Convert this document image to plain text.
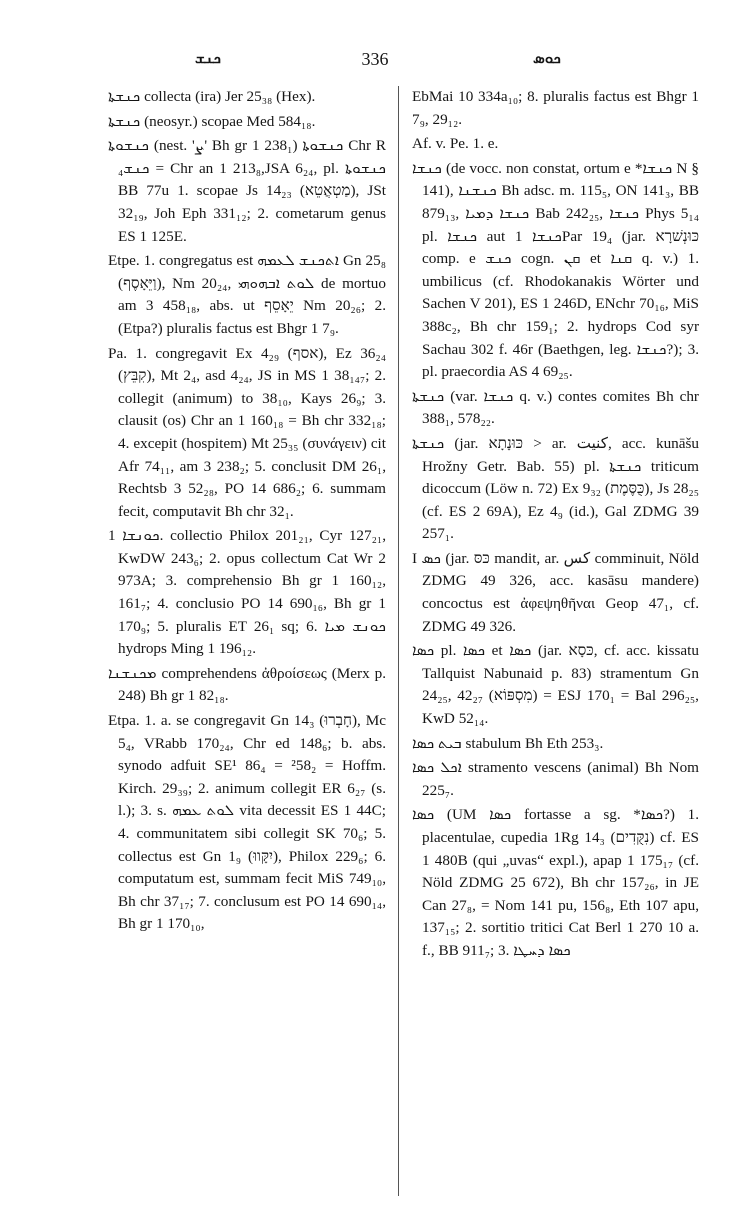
ܟܢܫ	336	ܟܘܣ

ܟܢܫܬܐ collecta (ira) Jer 25₃₈ (Hex).

ܟܢܫܬܐ (neosyr.) scopae Med 584₁₈.

ܟܢܫܘܬܐ (nest. 'ܨ' Bh gr 1 238₁) ܟܢܫܘܬܐ Chr R ܟܢܫ₄ = Chr an 1 213₈,JSA 6₂₄, pl. ܟܢܫܘܬܐ BB 77u 1. scopae Js 14₂₃ (מַטְאֲטֵא), JSt 32₁₉, Joh Eph 331₁₂; 2. cometarum genus ES 1 125E.

Etpe. 1. congregatus est ܐܬܟܢܫ ܠܥܡܗ Gn 25₈ (וַיֵּאָסֶף), Nm 20₂₄, ܠܘܬ ܐܒܗܘܗܝ de mortuo am 3 458₁₈, abs. ut יֵאָסֵף Nm 20₂₆; 2. (Etpa?) pluralis factus est Bhgr 1 7₉.

Pa. 1. congregavit Ex 4₂₉ (אסף), Ez 36₂₄ (קִבֵּץ), Mt 2₄, asd 4₂₄, JS in MS 1 38₁₄₇; 2. collegit (animum) to 38₁₀, Kays 26₉; 3. clausit (os) Chr an 1 160₁₈ = Bh chr 332₁₈; 4. excepit (hospitem) Mt 25₃₅ (συνάγειν) cit Afr 74₁₁, am 3 238₂; 5. conclusit DM 26₁, Rechtsb 3 52₂₈, PO 14 686₂; 6. summam fecit, computavit Bh chr 32₁.

ܟܘܢܫܐ 1. collectio Philox 201₂₁, Cyr 127₂₁, KwDW 243₆; 2. opus collectum Cat Wr 2 973A; 3. comprehensio Bh gr 1 160₁₂, 161₇; 4. conclusio PO 14 690₁₆, Bh gr 1 170₉; 5. pluralis ET 26₁ sq; 6. ܟܘܢܫ ܡܝܐ hydrops Ming 1 196₁₂.

ܡܟܢܫܢܐ comprehendens ἀθροίσεως (Merx p. 248) Bh gr 1 82₁₈.

Etpa. 1. a. se congregavit Gn 14₃ (חָבְרוּ), Mc 5₄, VRabb 170₂₄, Chr ed 148₆; b. abs. synodo adfuit SE¹ 86₄ = ²58₂ = Hoffm. Kirch. 29₃₉; 2. animum collegit ER 6₂₇ (s. l.); 3. s. ܠܘܬ ܥܡܗ vita decessit ES 1 44C; 4. communitatem sibi collegit SK 70₆; 5. collectus est Gn 1₉ (יִקָּווּ), Philox 229₆; 6. computatum est, summam fecit MiS 749₁₀, Bh chr 37₁₇; 7. conclusum est PO 14 690₁₄, Bh gr 1 170₁₀,

EbMai 10 334a₁₀; 8. pluralis factus est Bhgr 1 7₉, 29₁₂.

Af. v. Pe. 1. e.

ܟܢܫܐ (de vocc. non constat, ortum e *ܟܢܫܐ N § 141), ܟܢܫܢܐ Bh adsc. m. 115₅, ON 141₃, BB 879₁₃, ܟܢܫܐ ܕܡܝܐ Bab 242₂₅, ܟܢܫܐ Phys 5₁₄ pl. ܟܢܫܐ aut ܟܢܫܐ 1Par 19₄ (jar. כּוּנְשׁרָא comp. e ܟܢܫ cogn. ܩܢ et ܩܢܐ q. v.) 1. umbilicus (cf. Rhodokanakis Wörter und Sachen V 201), ES 1 246D, ENchr 70₁₆, MiS 388c₂, Bh chr 159₁; 2. hydrops Cod syr Sachau 302 f. 46r (Baethgen, leg. ܟܢܫܐ?); 3. pl. praecordia AS 4 69₂₅.

ܟܢܫܬܐ (var. ܟܢܫܐ q. v.) contes comites Bh chr 388₁, 578₂₂.

ܟܢܫܬܐ (jar. כּוּנָתָא > ar. كنيت, acc. kunāšu Hrožny Getr. Bab. 55) pl. ܟܢܫܬܐ triticum dicoccum (Löw n. 72) Ex 9₃₂ (כֻּסֶּמֶת), Js 28₂₅ (cf. ES 2 69A), Ez 4₉ (id.), Gal ZDMG 39 257₁.

I ܟܣ (jar. כּסּ mandit, ar. كس comminuit, Nöld ZDMG 49 326, acc. kasāsu mandere) concoctus est ἀφεψηθῆναι Geop 47₁, cf. ZDMG 49 326.

ܟܣܐ pl. ܟܣܐ et ܟܣܐ (jar. כּסָא, cf. acc. kissatu Tallquist Nabunaid p. 83) stramentum Gn 24₂₅, 42₂₇ (מִסְפּוֹא) = ESJ 170₁ = Bal 296₂₅, KwD 52₁₄.

ܒܝܬ ܟܣܐ stabulum Bh Eth 253₃.

ܐܟܠ ܟܣܐ stramento vescens (animal) Bh Nom 225₇.

ܟܣܐ (UM ܟܣܐ fortasse a sg. *ܟܣܐ?) 1. placentulae, cupedia 1Rg 14₃ (נִקֻּדִים) cf. ES 1 480B (qui „uvas“ expl.), apap 1 175₁₇ (cf. Nöld ZDMG 25 672), Bh chr 157₂₆, in JE Can 27₈, = Nom 141 pu, 156₈, Eth 107 apu, 137₁₅; 2. sortitio tritici Cat Berl 1 270 10 a. f., BB 911₇; 3. ܟܣܐ ܕܚܛܐ
